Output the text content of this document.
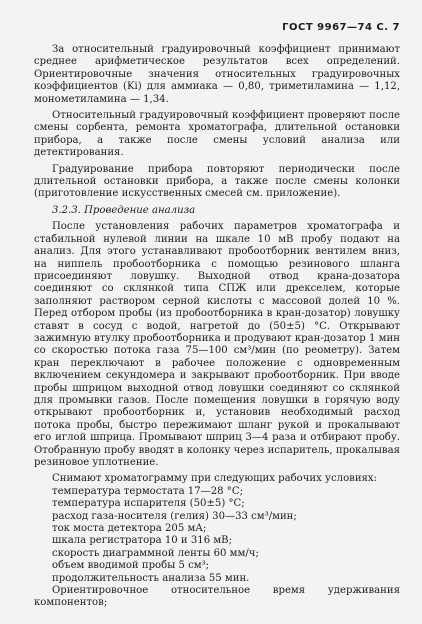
ГОСТ 9967—74 С. 7

За относительный градуировочный коэффициент принимают среднее арифметическое результатов всех определений. Ориентировочные значения относительных градуировочных коэффициентов (Ki) для аммиака — 0,80, триметиламина — 1,12, монометиламина — 1,34.

Относительный градуировочный коэффициент проверяют после смены сорбента, ремонта хроматографа, длительной остановки прибора, а также после смены условий анализа или детектирования.

Градуирование прибора повторяют периодически после длительной остановки прибора, а также после смены колонки (приготовление искусственных смесей см. приложение).

3.2.3. Проведение анализа

После установления рабочих параметров хроматографа и стабильной нулевой линии на шкале 10 мВ пробу подают на анализ. Для этого устанавливают пробоотборник вентилем вниз, на ниппель пробоотборника с помощью резинового шланга присоединяют ловушку. Выходной отвод крана-дозатора соединяют со склянкой типа СПЖ или дрекселем, которые заполняют раствором серной кислоты с массовой долей 10 %. Перед отбором пробы (из пробоотборника в кран-дозатор) ловушку ставят в сосуд с водой, нагретой до (50±5) °С. Открывают зажимную втулку пробоотборника и продувают кран-дозатор 1 мин со скоростью потока газа 75—100 см³/мин (по реометру). Затем кран переключают в рабочее положение с одновременным включением секундомера и закрывают пробоотборник. При вводе пробы шприцом выходной отвод ловушки соединяют со склянкой для промывки газов. После помещения ловушки в горячую воду открывают пробоотборник и, установив необходимый расход потока пробы, быстро пережимают шланг рукой и прокалывают его иглой шприца. Промывают шприц 3—4 раза и отбирают пробу. Отобранную пробу вводят в колонку через испаритель, прокалывая резиновое уплотнение.

Снимают хроматограмму при следующих рабочих условиях:

температура термостата 17—28 °С;

температура испарителя (50±5) °С;

расход газа-носителя (гелия) 30—33 см³/мин;

ток моста детектора 205 мА;

шкала регистратора 10 и 316 мВ;

скорость диаграммной ленты 60 мм/ч;

объем вводимой пробы 5 см³;

продолжительность анализа 55 мин.

Ориентировочное относительное время удерживания компонентов;
